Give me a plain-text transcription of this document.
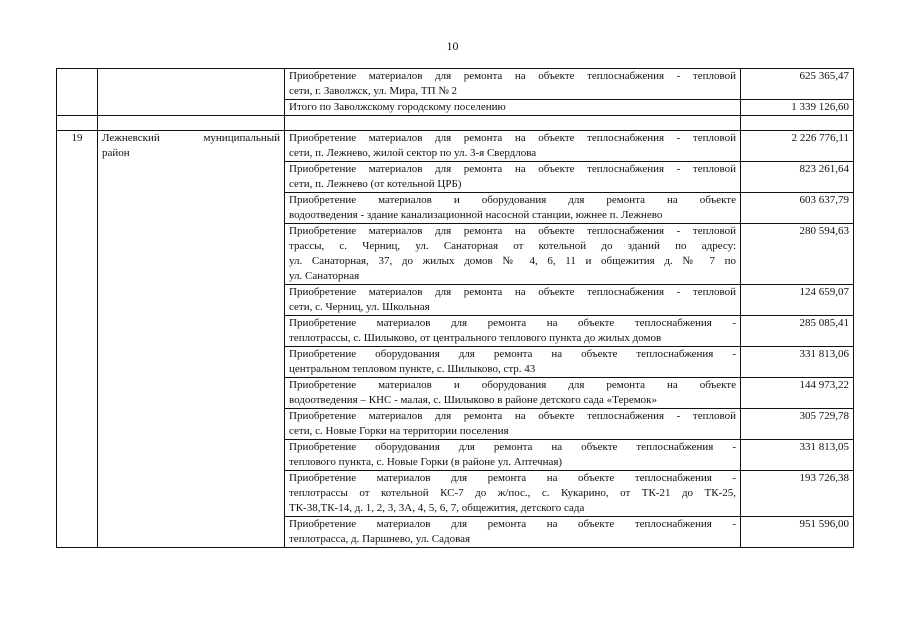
10

		Приобретение материалов для ремонта на объекте теплоснабжения - тепловой
сети, г. Заволжск, ул. Мира, ТП № 2	625 365,47

		Итого по Заволжскому городскому поселению	1 339 126,60

19	Лежневский муниципальный
район	Приобретение материалов для ремонта на объекте теплоснабжения - тепловой
сети, п. Лежнево, жилой сектор по ул. 3-я Свердлова	2 226 776,11

		Приобретение материалов для ремонта на объекте теплоснабжения - тепловой
сети, п. Лежнево (от котельной ЦРБ)	823 261,64

		Приобретение материалов и оборудования для ремонта на объекте
водоотведения - здание канализационной насосной станции, южнее п. Лежнево	603 637,79

		Приобретение материалов для ремонта на объекте теплоснабжения - тепловой
трассы, с. Черниц, ул. Санаторная от котельной до зданий по адресу:
ул. Санаторная, 37, до жилых домов № 4, 6, 11 и общежития д. № 7 по
ул. Санаторная	280 594,63

		Приобретение материалов для ремонта на объекте теплоснабжения - тепловой
сети, с. Черниц, ул. Школьная	124 659,07

		Приобретение материалов для ремонта на объекте теплоснабжения -
теплотрассы, с. Шилыково, от центрального теплового пункта до жилых домов	285 085,41

		Приобретение оборудования для ремонта на объекте теплоснабжения -
центральном тепловом пункте, с. Шилыково, стр. 43	331 813,06

		Приобретение материалов и оборудования для ремонта на объекте
водоотведения – КНС - малая, с. Шилыково в районе детского сада «Теремок»	144 973,22

		Приобретение материалов для ремонта на объекте теплоснабжения - тепловой
сети, с. Новые Горки на территории поселения	305 729,78

		Приобретение оборудования для ремонта на объекте теплоснабжения -
теплового пункта, с. Новые Горки (в районе ул. Аптечная)	331 813,05

		Приобретение материалов для ремонта на объекте теплоснабжения -
теплотрассы от котельной КС-7 до ж/пос., с. Кукарино, от ТК-21 до ТК-25,
ТК-38,ТК-14, д. 1, 2, 3, 3А, 4, 5, 6, 7, общежития, детского сада	193 726,38

		Приобретение материалов для ремонта на объекте теплоснабжения -
теплотрасса, д. Паршнево, ул. Садовая	951 596,00
